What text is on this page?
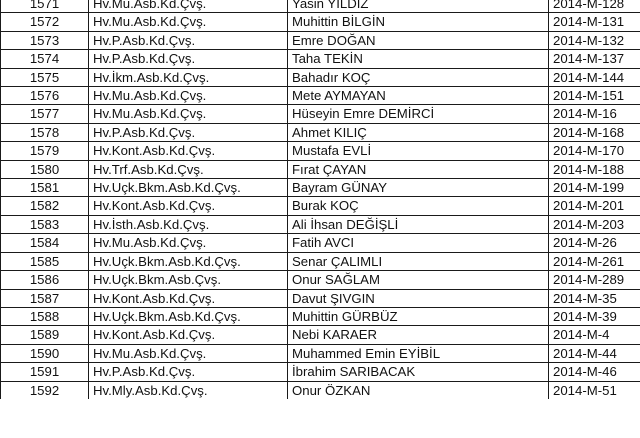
1571	Hv.Mu.Asb.Kd.Çvş.	Yasin YILDIZ	2014-M-128
1572	Hv.Mu.Asb.Kd.Çvş.	Muhittin BİLGİN	2014-M-131
1573	Hv.P.Asb.Kd.Çvş.	Emre DOĞAN	2014-M-132
1574	Hv.P.Asb.Kd.Çvş.	Taha TEKİN	2014-M-137
1575	Hv.İkm.Asb.Kd.Çvş.	Bahadır KOÇ	2014-M-144
1576	Hv.Mu.Asb.Kd.Çvş.	Mete AYMAYAN	2014-M-151
1577	Hv.Mu.Asb.Kd.Çvş.	Hüseyin Emre DEMİRCİ	2014-M-16
1578	Hv.P.Asb.Kd.Çvş.	Ahmet KILIÇ	2014-M-168
1579	Hv.Kont.Asb.Kd.Çvş.	Mustafa EVLİ	2014-M-170
1580	Hv.Trf.Asb.Kd.Çvş.	Fırat ÇAYAN	2014-M-188
1581	Hv.Uçk.Bkm.Asb.Kd.Çvş.	Bayram GÜNAY	2014-M-199
1582	Hv.Kont.Asb.Kd.Çvş.	Burak KOÇ	2014-M-201
1583	Hv.İsth.Asb.Kd.Çvş.	Ali İhsan DEĞİŞLİ	2014-M-203
1584	Hv.Mu.Asb.Kd.Çvş.	Fatih AVCI	2014-M-26
1585	Hv.Uçk.Bkm.Asb.Kd.Çvş.	Senar ÇALIMLI	2014-M-261
1586	Hv.Uçk.Bkm.Asb.Çvş.	Onur SAĞLAM	2014-M-289
1587	Hv.Kont.Asb.Kd.Çvş.	Davut ŞIVGIN	2014-M-35
1588	Hv.Uçk.Bkm.Asb.Kd.Çvş.	Muhittin GÜRBÜZ	2014-M-39
1589	Hv.Kont.Asb.Kd.Çvş.	Nebi KARAER	2014-M-4
1590	Hv.Mu.Asb.Kd.Çvş.	Muhammed Emin EYİBİL	2014-M-44
1591	Hv.P.Asb.Kd.Çvş.	İbrahim SARIBACAK	2014-M-46
1592	Hv.Mly.Asb.Kd.Çvş.	Onur ÖZKAN	2014-M-51
